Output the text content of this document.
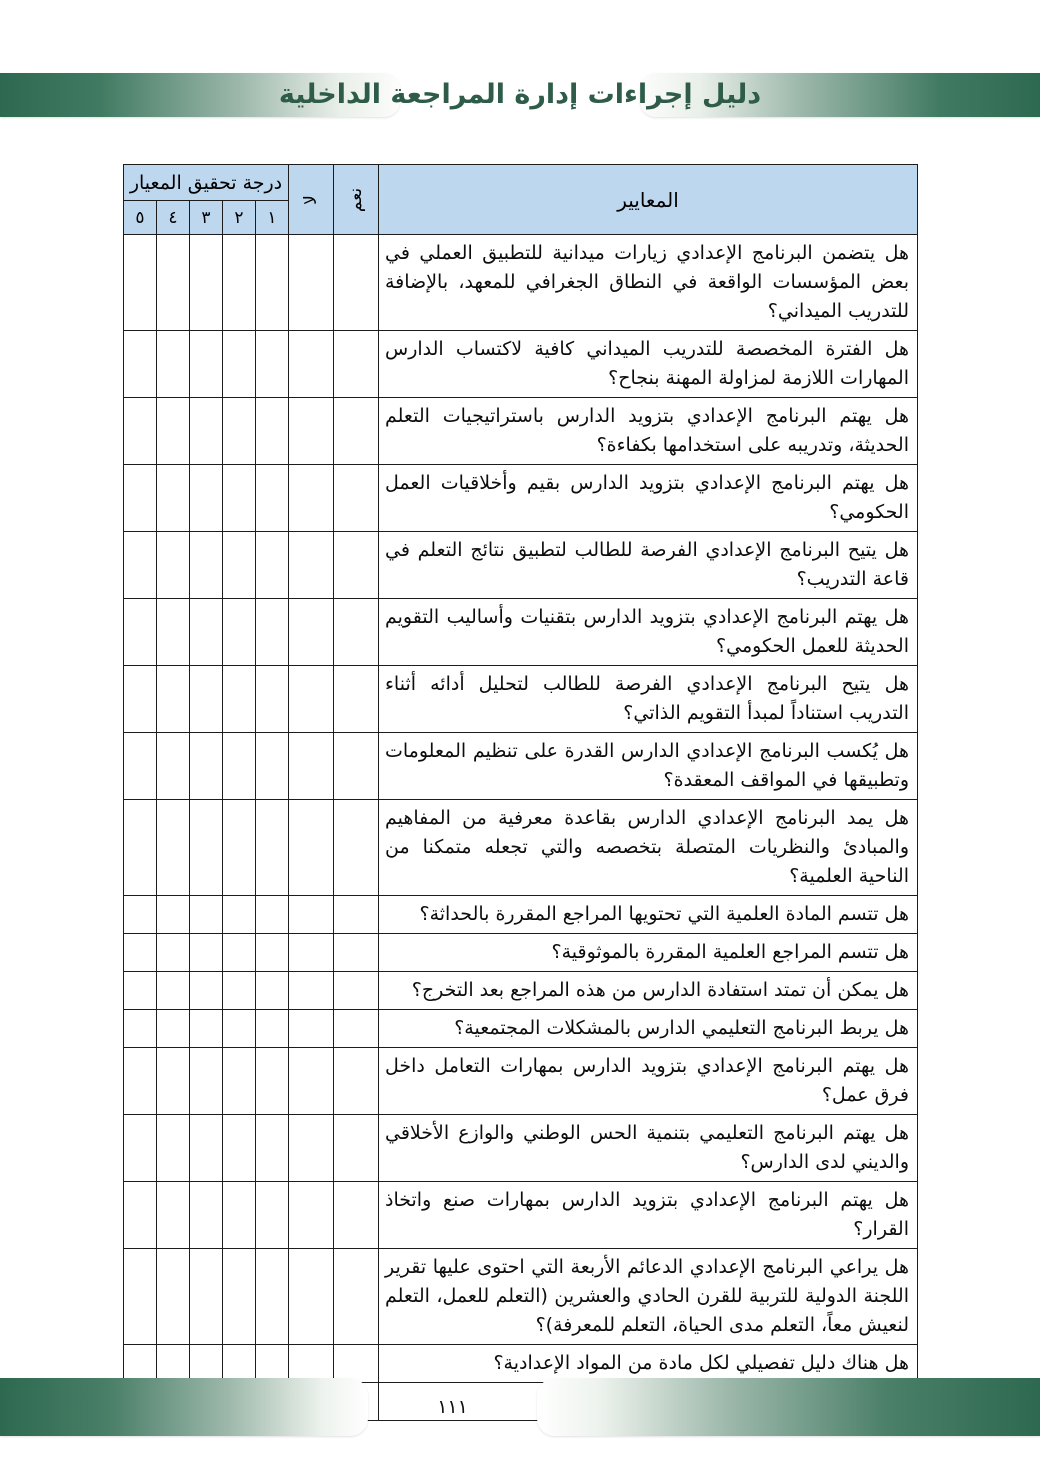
دليل إجراءات إدارة المراجعة الداخلية
المعايير	نعم	لا	درجة تحقيق المعيار				
			١	٢	٣	٤	٥
هل يتضمن البرنامج الإعدادي زيارات ميدانية للتطبيق العملي في بعض المؤسسات الواقعة في النطاق الجغرافي للمعهد، بالإضافة للتدريب الميداني؟							
هل الفترة المخصصة للتدريب الميداني كافية لاكتساب الدارس المهارات اللازمة لمزاولة المهنة بنجاح؟							
هل يهتم البرنامج الإعدادي بتزويد الدارس باستراتيجيات التعلم الحديثة، وتدريبه على استخدامها بكفاءة؟							
هل يهتم البرنامج الإعدادي بتزويد الدارس بقيم وأخلاقيات العمل الحكومي؟							
هل يتيح البرنامج الإعدادي الفرصة للطالب لتطبيق نتائج التعلم في قاعة التدريب؟							
هل يهتم البرنامج الإعدادي بتزويد الدارس بتقنيات وأساليب التقويم الحديثة للعمل الحكومي؟							
هل يتيح البرنامج الإعدادي الفرصة للطالب لتحليل أدائه أثناء التدريب استناداً لمبدأ التقويم الذاتي؟							
هل يُكسب البرنامج الإعدادي الدارس القدرة على تنظيم المعلومات وتطبيقها في المواقف المعقدة؟							
هل يمد البرنامج الإعدادي الدارس بقاعدة معرفية من المفاهيم والمبادئ والنظريات المتصلة بتخصصه والتي تجعله متمكنا من الناحية العلمية؟							
هل تتسم المادة العلمية التي تحتويها المراجع المقررة بالحداثة؟							
هل تتسم المراجع العلمية المقررة بالموثوقية؟							
هل يمكن أن تمتد استفادة الدارس من هذه المراجع بعد التخرج؟							
هل يربط البرنامج التعليمي الدارس بالمشكلات المجتمعية؟							
هل يهتم البرنامج الإعدادي بتزويد الدارس بمهارات التعامل داخل فرق عمل؟							
هل يهتم البرنامج التعليمي بتنمية الحس الوطني والوازع الأخلاقي والديني لدى الدارس؟							
هل يهتم البرنامج الإعدادي بتزويد الدارس بمهارات صنع واتخاذ القرار؟							
هل يراعي البرنامج الإعدادي الدعائم الأربعة التي احتوى عليها تقرير اللجنة الدولية للتربية للقرن الحادي والعشرين (التعلم للعمل، التعلم لنعيش معاً، التعلم مدى الحياة، التعلم للمعرفة)؟							
هل هناك دليل تفصيلي لكل مادة من المواد الإعدادية؟							

١١١
